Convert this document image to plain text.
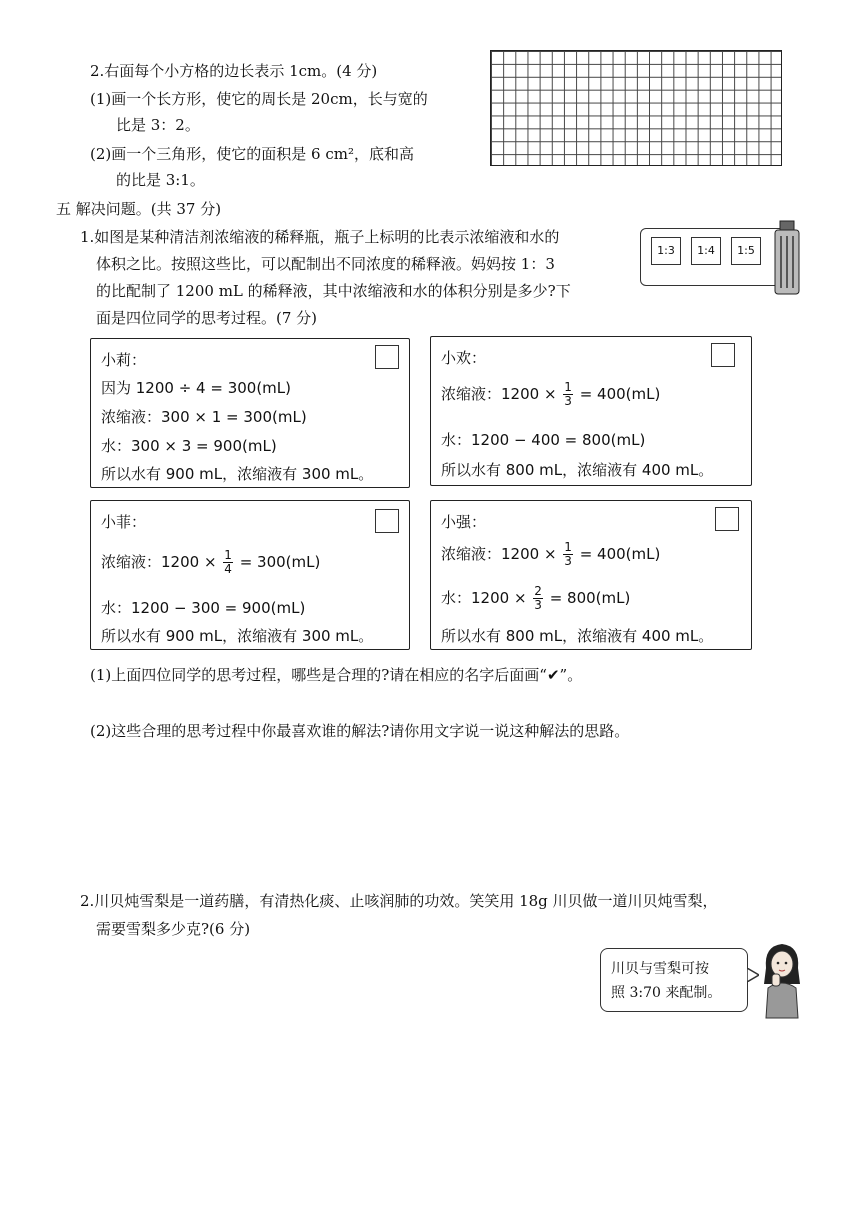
2.右面每个小方格的边长表示 1cm。(4 分)
(1)画一个长方形，使它的周长是 20cm，长与宽的
比是 3：2。
(2)画一个三角形，使它的面积是 6 cm²，底和高
的比是 3:1。
五 解决问题。(共 37 分)
1.如图是某种清洁剂浓缩液的稀释瓶，瓶子上标明的比表示浓缩液和水的
体积之比。按照这些比，可以配制出不同浓度的稀释液。妈妈按 1：3
的比配制了 1200 mL 的稀释液，其中浓缩液和水的体积分别是多少?下
面是四位同学的思考过程。(7 分)
1:3	1:4	1:5
小莉：
因为 1200 ÷ 4 = 300(mL)
浓缩液：300 × 1 = 300(mL)
水：300 × 3 = 900(mL)
所以水有 900 mL，浓缩液有 300 mL。
小欢：
浓缩液：$1200 \times \frac{1}{3} = 400(mL)$
水：1200 − 400 = 800(mL)
所以水有 800 mL，浓缩液有 400 mL。
小菲：
浓缩液：$1200 \times \frac{1}{4} = 300(mL)$
水：1200 − 300 = 900(mL)
所以水有 900 mL，浓缩液有 300 mL。
小强：
浓缩液：$1200 \times \frac{1}{3} = 400(mL)$
水：$1200 \times \frac{2}{3} = 800(mL)$
所以水有 800 mL，浓缩液有 400 mL。
(1)上面四位同学的思考过程，哪些是合理的?请在相应的名字后面画“✔”。
(2)这些合理的思考过程中你最喜欢谁的解法?请你用文字说一说这种解法的思路。
2.川贝炖雪梨是一道药膳，有清热化痰、止咳润肺的功效。笑笑用 18g 川贝做一道川贝炖雪梨，
需要雪梨多少克?(6 分)
川贝与雪梨可按
照 3:70 来配制。
